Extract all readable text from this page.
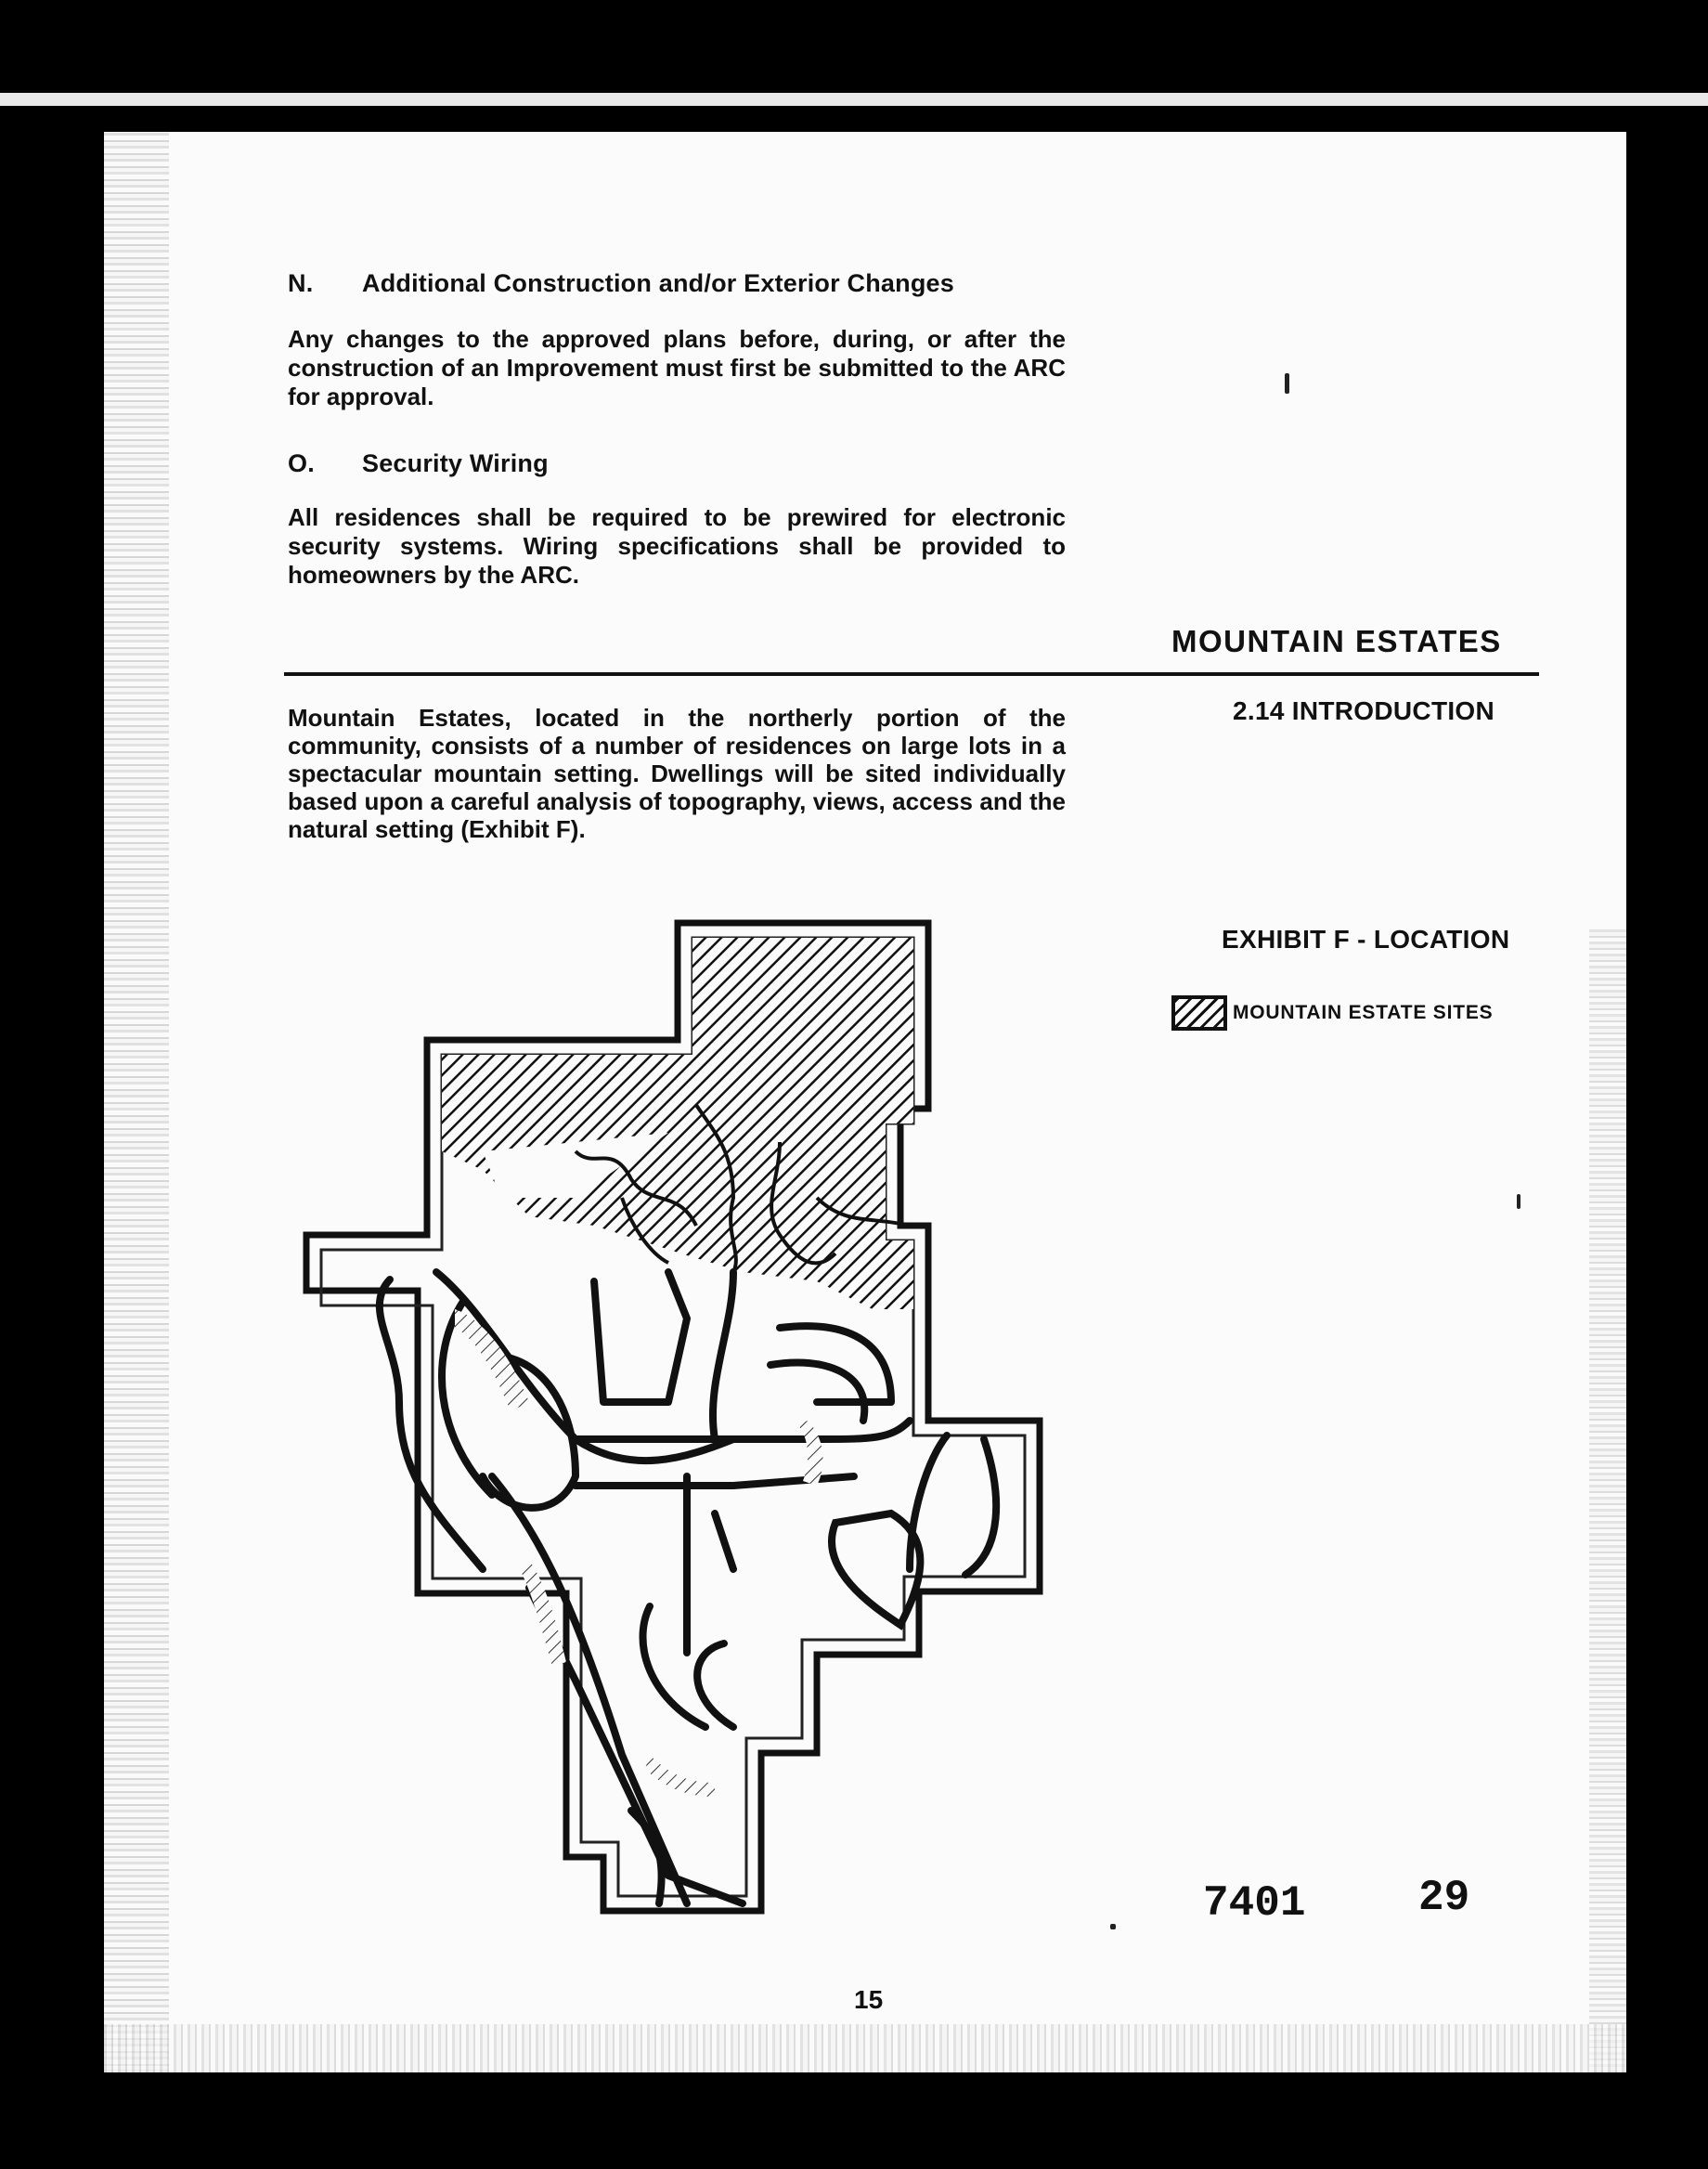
N. Additional Construction and/or Exterior Changes
Any changes to the approved plans before, during, or after the construction of an Improvement must first be submitted to the ARC for approval.
O. Security Wiring
All residences shall be required to be prewired for electronic security systems. Wiring specifications shall be provided to homeowners by the ARC.
MOUNTAIN ESTATES
2.14 INTRODUCTION
Mountain Estates, located in the northerly portion of the community, consists of a number of residences on large lots in a spectacular mountain setting. Dwellings will be sited individually based upon a careful analysis of topography, views, access and the natural setting (Exhibit F).
EXHIBIT F - LOCATION
MOUNTAIN ESTATE SITES
7401	29
15
